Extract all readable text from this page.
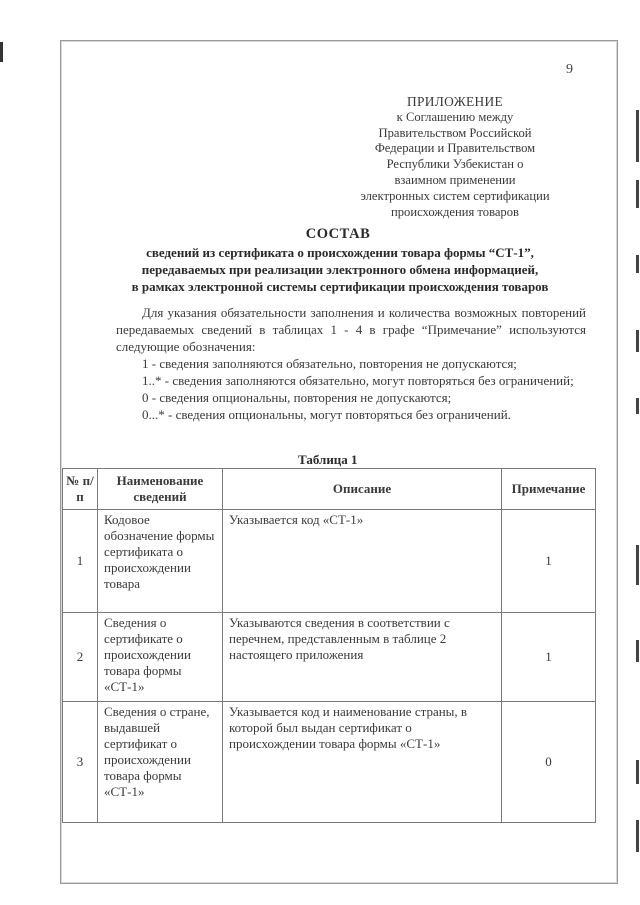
9
ПРИЛОЖЕНИЕ
к Соглашению между
Правительством Российской
Федерации и Правительством
Республики Узбекистан о
взаимном применении
электронных систем сертификации
происхождения товаров
СОСТАВ
сведений из сертификата о происхождении товара формы “СТ-1”,
передаваемых при реализации электронного обмена информацией,
в рамках электронной системы сертификации происхождения товаров

Для указания обязательности заполнения и количества возможных повторений передаваемых сведений в таблицах 1 - 4 в графе “Примечание” используются следующие обозначения:

1 - сведения заполняются обязательно, повторения не допускаются;

1..* - сведения заполняются обязательно, могут повторяться без ограничений;

0 - сведения опциональны, повторения не допускаются;

0...* - сведения опциональны, могут повторяться без ограничений.

Таблица 1
№ п/п	Наименование сведений	Описание	Примечание
1	Кодовое обозначение формы сертификата о происхождении товара	Указывается код «СТ-1»	1
2	Сведения о сертификате о происхождении товара формы «СТ-1»	Указываются сведения в соответствии с перечнем, представленным в таблице 2 настоящего приложения	1
3	Сведения о стране, выдавшей сертификат о происхождении товара формы «СТ-1»	Указывается код и наименование страны, в которой был выдан сертификат о происхождении товара формы «СТ-1»	0
